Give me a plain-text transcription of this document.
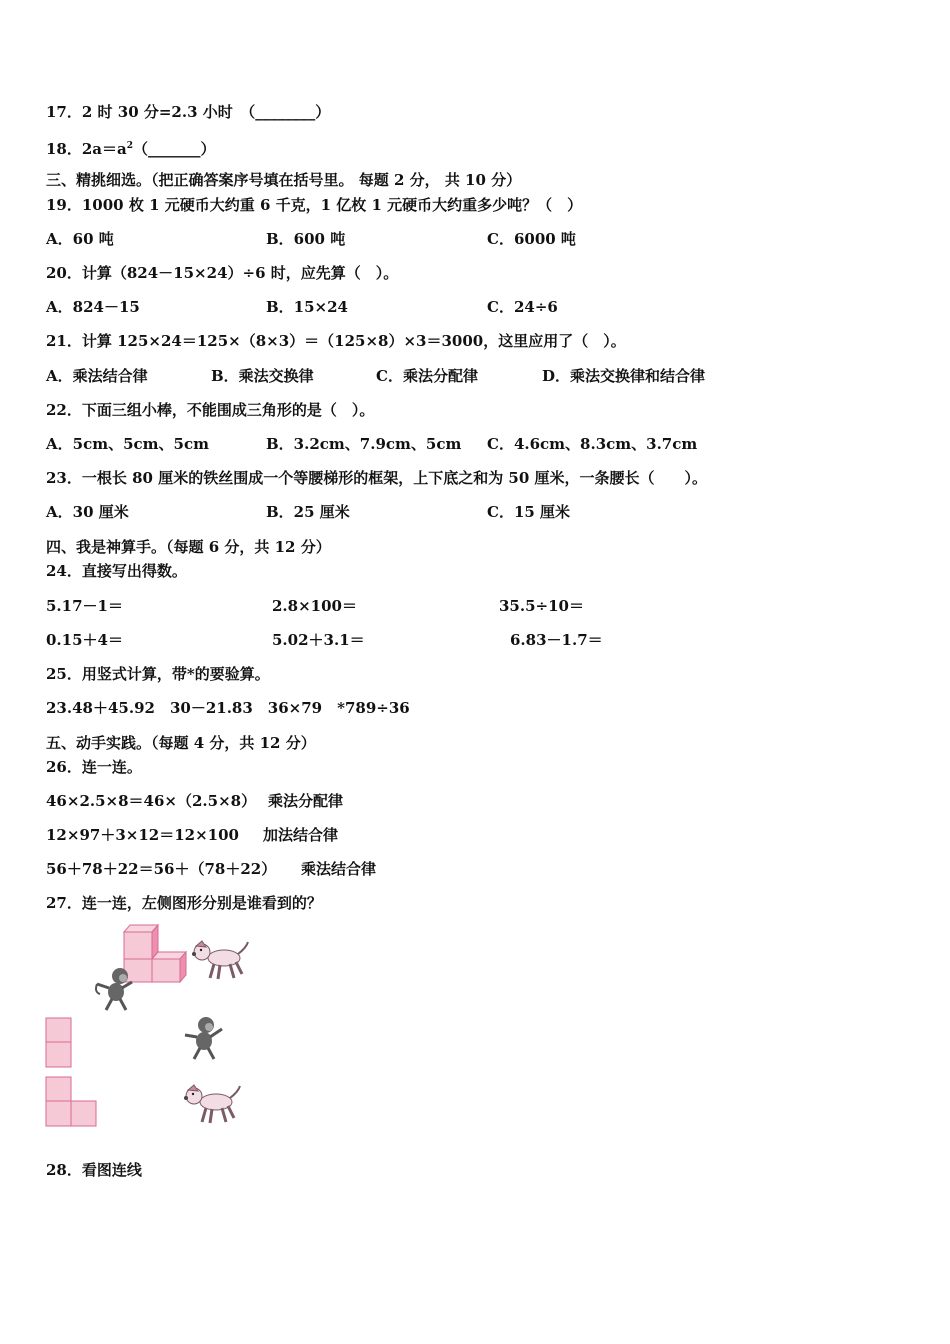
17．2 时 30 分=2.3 小时　（________）
18．$2a=a^2(\_\_\_\_\_\_\_)$
三、精挑细选。（把正确答案序号填在括号里。 每题 2 分， 共 10 分）
19．1000 枚 1 元硬币大约重 6 千克，1 亿枚 1 元硬币大约重多少吨？（　）
A．60 吨	B．600 吨	C．6000 吨
20．计算（824－15×24）÷6 时，应先算（　）。
A．824－15	B．15×24	C．24÷6
21．计算 125×24＝125×（8×3）＝（125×8）×3＝3000，这里应用了（　）。
A．乘法结合律	B．乘法交换律	C．乘法分配律	D．乘法交换律和结合律
22．下面三组小棒，不能围成三角形的是（　）。
A．5cm、5cm、5cm	B．3.2cm、7.9cm、5cm C．4.6cm、8.3cm、3.7cm
23．一根长 80 厘米的铁丝围成一个等腰梯形的框架，上下底之和为 50 厘米，一条腰长（　　）。
A．30 厘米	B．25 厘米	C．15 厘米
四、我是神算手。（每题 6 分，共 12 分）
24．直接写出得数。
5.17－1＝	2.8×100＝	35.5÷10＝
0.15＋4＝	5.02＋3.1＝	6.83－1.7＝
25．用竖式计算，带*的要验算。
23.48＋45.92　30－21.83　36×79　*789÷36
五、动手实践。（每题 4 分，共 12 分）
26．连一连。
46×2.5×8＝46×（2.5×8） 乘法分配律
12×97＋3×12＝12×100 加法结合律
56＋78＋22＝56＋（78＋22） 乘法结合律
27．连一连，左侧图形分别是谁看到的？
28．看图连线
